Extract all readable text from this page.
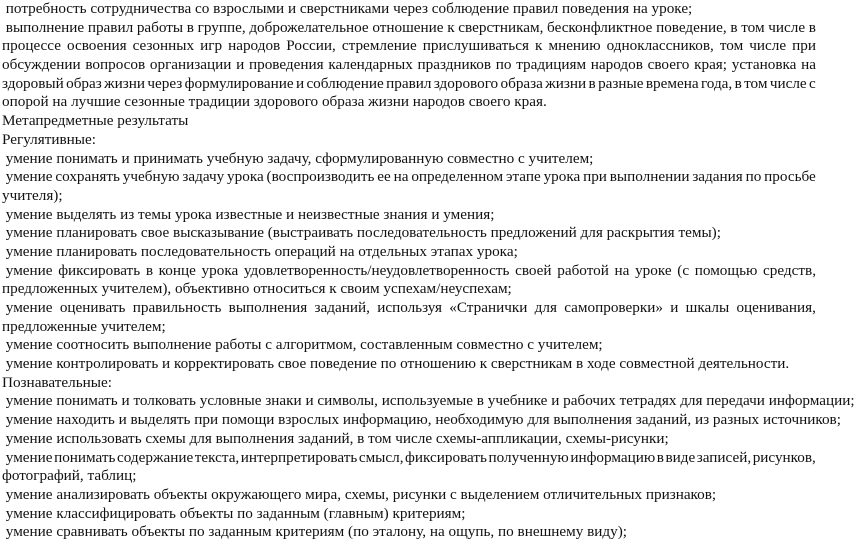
потребность сотрудничества со взрослыми и сверстниками через соблюдение правил поведения на уроке;
выполнение правил работы в группе, доброжелательное отношение к сверстникам, бесконфликтное поведение, в том числе в
процессе освоения сезонных игр народов России, стремление прислушиваться к мнению одноклассников, том числе при
обсуждении вопросов организации и проведения календарных праздников по традициям народов своего края; установка на
здоровый образ жизни через формулирование и соблюдение правил здорового образа жизни в разные времена года, в том числе с
опорой на лучшие сезонные традиции здорового образа жизни народов своего края.
Метапредметные результаты
Регулятивные:
умение понимать и принимать учебную задачу, сформулированную совместно с учителем;
умение сохранять учебную задачу урока (воспроизводить ее на определенном этапе урока при выполнении задания по просьбе
учителя);
умение выделять из темы урока известные и неизвестные знания и умения;
умение планировать свое высказывание (выстраивать последовательность предложений для раскрытия темы);
умение планировать последовательность операций на отдельных этапах урока;
умение фиксировать в конце урока удовлетворенность/неудовлетворенность своей работой на уроке (с помощью средств,
предложенных учителем), объективно относиться к своим успехам/неуспехам;
умение оценивать правильность выполнения заданий, используя «Странички для самопроверки» и шкалы оценивания,
предложенные учителем;
умение соотносить выполнение работы с алгоритмом, составленным совместно с учителем;
умение контролировать и корректировать свое поведение по отношению к сверстникам в ходе совместной деятельности.
Познавательные:
умение понимать и толковать условные знаки и символы, используемые в учебнике и рабочих тетрадях для передачи информации;
умение находить и выделять при помощи взрослых информацию, необходимую для выполнения заданий, из разных источников;
умение использовать схемы для выполнения заданий, в том числе схемы-аппликации, схемы-рисунки;
умение понимать содержание текста, интерпретировать смысл, фиксировать полученную информацию в виде записей, рисунков,
фотографий, таблиц;
умение анализировать объекты окружающего мира, схемы, рисунки с выделением отличительных признаков;
умение классифицировать объекты по заданным (главным) критериям;
умение сравнивать объекты по заданным критериям (по эталону, на ощупь, по внешнему виду);
